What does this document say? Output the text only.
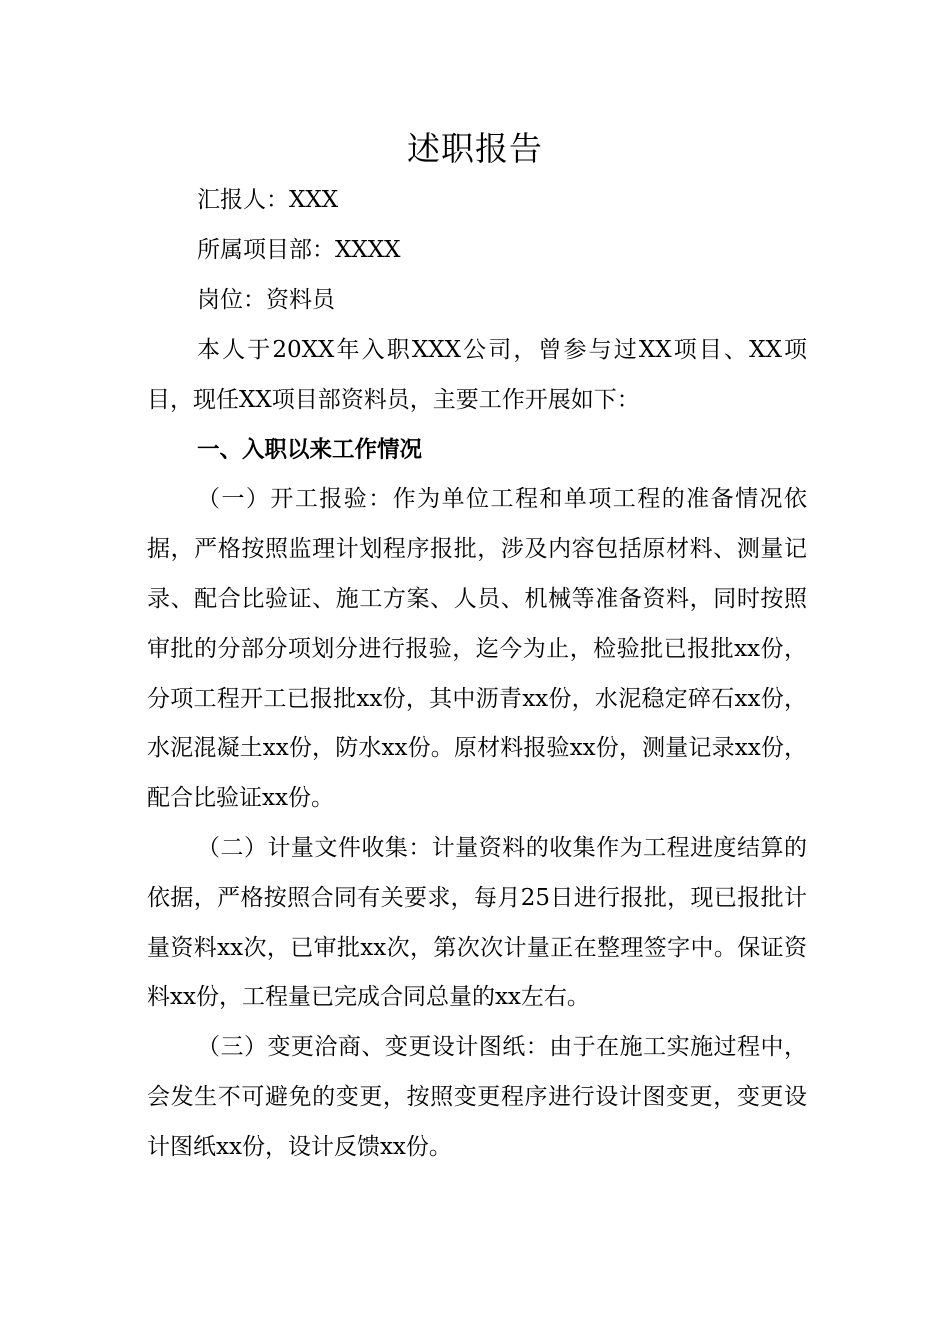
述职报告

汇报人：XXX

所属项目部：XXXX

岗位：资料员

本人于20XX年入职XXX公司，曾参与过XX项目、XX项目，现任XX项目部资料员，主要工作开展如下：

一、入职以来工作情况

（一）开工报验：作为单位工程和单项工程的准备情况依据，严格按照监理计划程序报批，涉及内容包括原材料、测量记录、配合比验证、施工方案、人员、机械等准备资料，同时按照审批的分部分项划分进行报验，迄今为止，检验批已报批xx份，分项工程开工已报批xx份，其中沥青xx份，水泥稳定碎石xx份，水泥混凝土xx份，防水xx份。原材料报验xx份，测量记录xx份，配合比验证xx份。

（二）计量文件收集：计量资料的收集作为工程进度结算的依据，严格按照合同有关要求，每月25日进行报批，现已报批计量资料xx次，已审批xx次，第次次计量正在整理签字中。保证资料xx份，工程量已完成合同总量的xx左右。

（三）变更洽商、变更设计图纸：由于在施工实施过程中，会发生不可避免的变更，按照变更程序进行设计图变更，变更设计图纸xx份，设计反馈xx份。
